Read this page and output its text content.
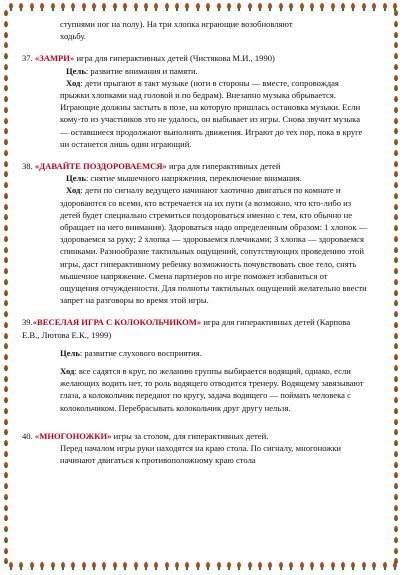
ступнями ног на полу). На три хлопка играющие возобновляют
ходьбу.

37. «ЗАМРИ» игра для гиперактивных детей (Чистякова М.И., 1990)

Цель: развитие внимания и памяти.

Ход: дети прыгают в такт музыке (ноги в стороны — вместе, сопровождая прыжки хлопками над головой и по бедрам). Внезапно музыка обрывается. Играющие должны застыть в позе, на которую пришлась остановка музыки. Если кому-то из участников это не удалось, он выбывает из игры. Снова звучит музыка — оставшиеся продолжают выполнять движения. Играют до тех пор, пока в круге ни останется лишь один играющий.

38. «ДАВАЙТЕ ПОЗДОРОВАЕМСЯ» игра для гиперактивных детей

Цель: снятие мышечного напряжения, переключение внимания.

Ход: дети по сигналу ведущего начинают хаотично двигаться по комнате и здороваются со всеми, кто встречается на их пути (а возможно, что кто-либо из детей будет специально стремиться поздороваться именно с тем, кто обычно не обращает на него внимания). Здороваться надо определенным образом: 1 хлопок — здороваемся за руку; 2 хлопка — здороваемся плечиками; 3 хлопка — здороваемся спинками. Разнообразие тактильных ощущений, сопутствующих проведению этой игры, даст гиперактивному ребенку возможность почувствовать свое тело, снять мышечное напряжение. Смена партнеров по игре поможет избавиться от ощущения отчужденности. Для полноты тактильных ощущений желательно ввести запрет на разговоры во время этой игры.

39.«ВЕСЕЛАЯ ИГРА С КОЛОКОЛЬЧИКОМ» игра для гиперактивных детей (Карпова Е.В., Лютова Е.К., 1999)

Цель: развитие слухового восприятия.

Ход: все садятся в круг, по желанию группы выбирается водящий, однако, если желающих водить нет, то роль водящего отводится тренеру. Водящему завязывают глаза, а колокольчик передают по кругу, задача водящего — поймать человека с колокольчиком. Перебрасывать колокольчик друг другу нельзя.

40. «МНОГОНОЖКИ» игры за столом, для гиперактивных детей.

Перед началом игры руки находятся на краю стола. По сигналу, многоножки начинают двигаться к противоположному краю стола
